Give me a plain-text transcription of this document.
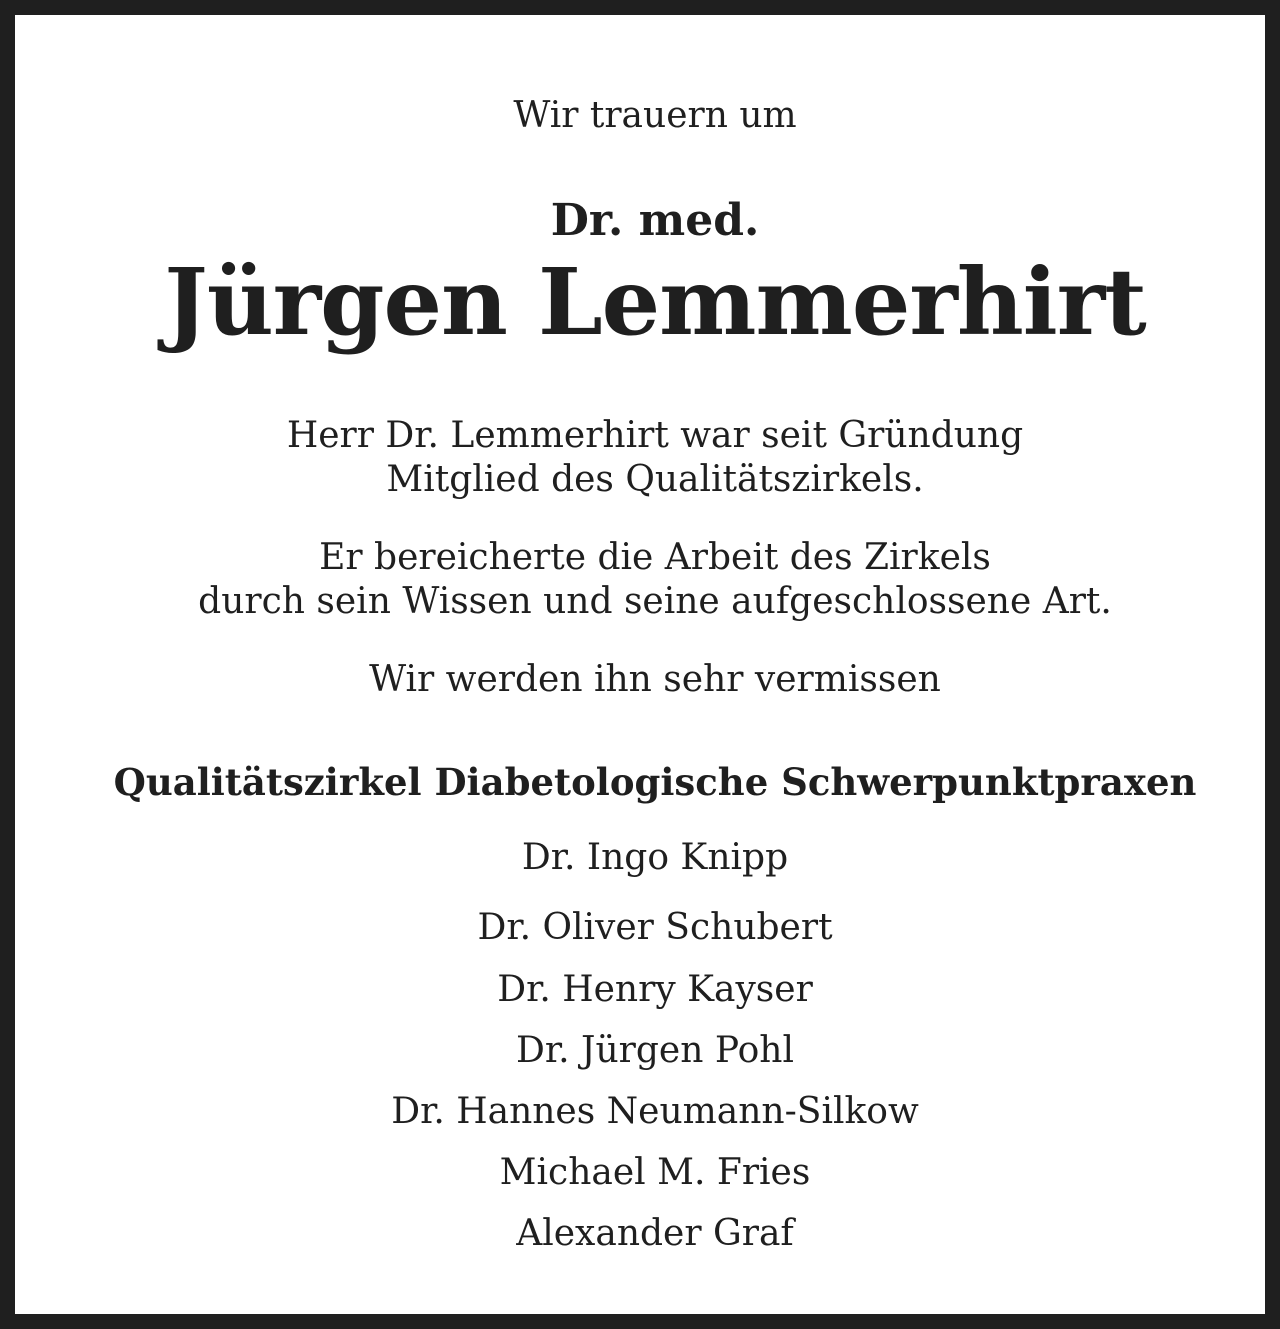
Wir trauern um
Dr. med.
Jürgen Lemmerhirt
Herr Dr. Lemmerhirt war seit Gründung
Mitglied des Qualitätszirkels.
Er bereicherte die Arbeit des Zirkels
durch sein Wissen und seine aufgeschlossene Art.
Wir werden ihn sehr vermissen
Qualitätszirkel Diabetologische Schwerpunktpraxen
Dr. Ingo Knipp
Dr. Oliver Schubert
Dr. Henry Kayser
Dr. Jürgen Pohl
Dr. Hannes Neumann-Silkow
Michael M. Fries
Alexander Graf
